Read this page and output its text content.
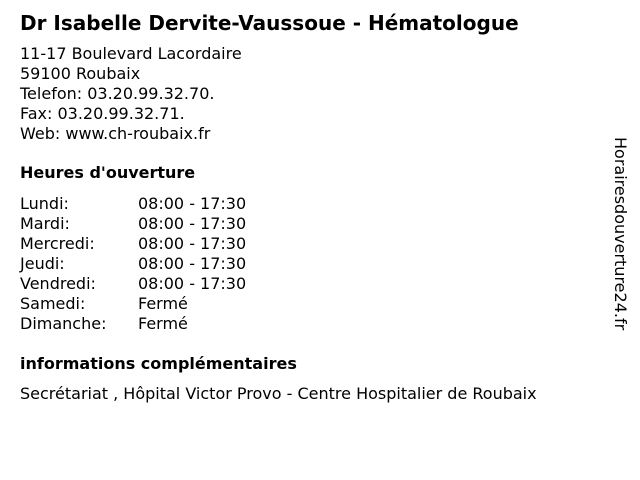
Dr Isabelle Dervite-Vaussoue - Hématologue
11-17 Boulevard Lacordaire
59100 Roubaix
Telefon: 03.20.99.32.70.
Fax: 03.20.99.32.71.
Web: www.ch-roubaix.fr
Heures d'ouverture
Lundi:	08:00 - 17:30
Mardi:	08:00 - 17:30
Mercredi:	08:00 - 17:30
Jeudi:	08:00 - 17:30
Vendredi:	08:00 - 17:30
Samedi:	Fermé
Dimanche: Fermé
informations complémentaires
Secrétariat , Hôpital Victor Provo - Centre Hospitalier de Roubaix
Horairesdouverture24.fr
